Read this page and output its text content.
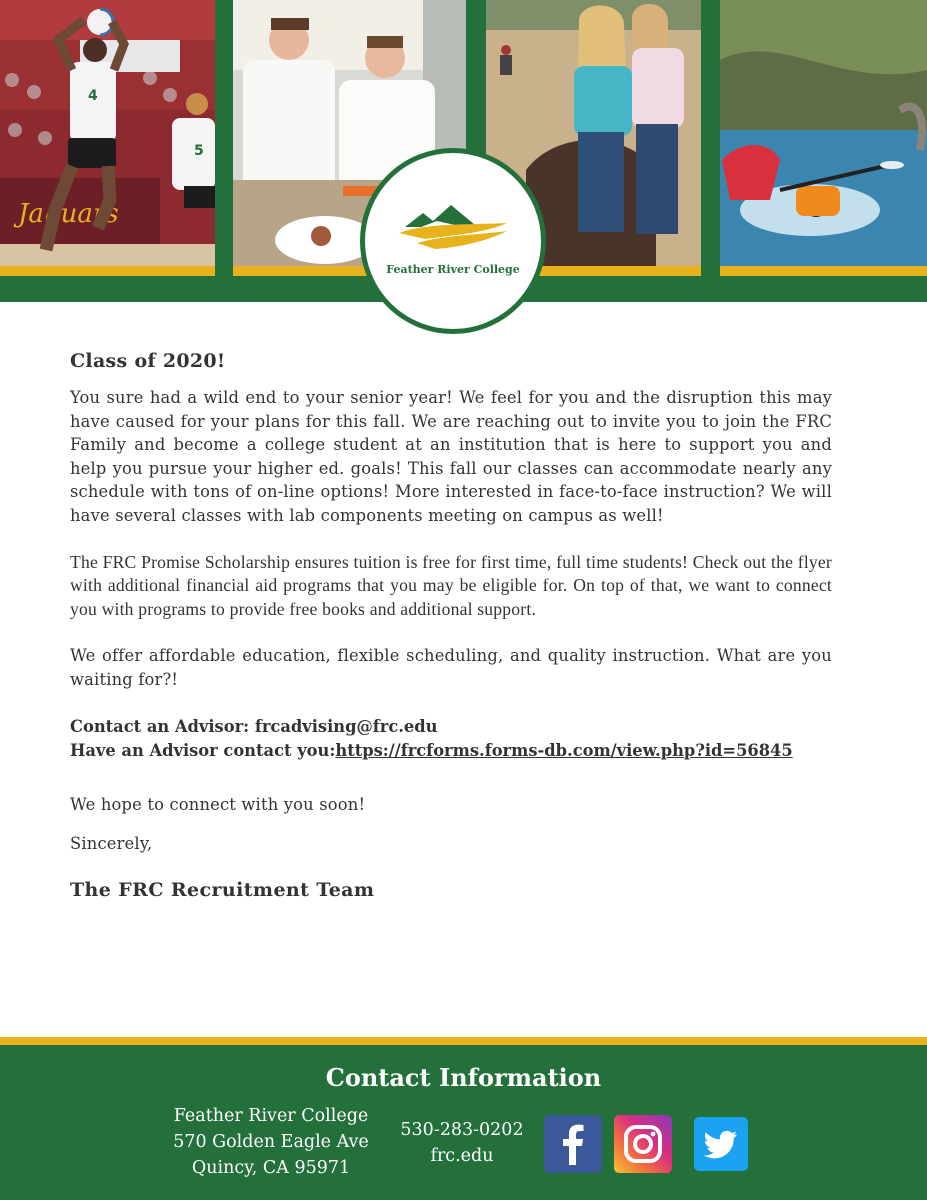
Jaguars
4
5
Feather River College
Class of 2020!

You sure had a wild end to your senior year! We feel for you and the disruption this may have caused for your plans for this fall. We are reaching out to invite you to join the FRC Family and become a college student at an institution that is here to support you and help you pursue your higher ed. goals! This fall our classes can accommodate nearly any schedule with tons of on-line options! More interested in face-to-face instruction? We will have several classes with lab components meeting on campus as well!

The FRC Promise Scholarship ensures tuition is free for first time, full time students! Check out the flyer with additional financial aid programs that you may be eligible for. On top of that, we want to connect you with programs to provide free books and additional support.

We offer affordable education, flexible scheduling, and quality instruction. What are you waiting for?!

Contact an Advisor: frcadvising@frc.edu
Have an Advisor contact you:https://frcforms.forms-db.com/view.php?id=56845
We hope to connect with you soon!
Sincerely,
The FRC Recruitment Team
Contact Information
Feather River College
570 Golden Eagle Ave
Quincy, CA 95971
530-283-0202
frc.edu
